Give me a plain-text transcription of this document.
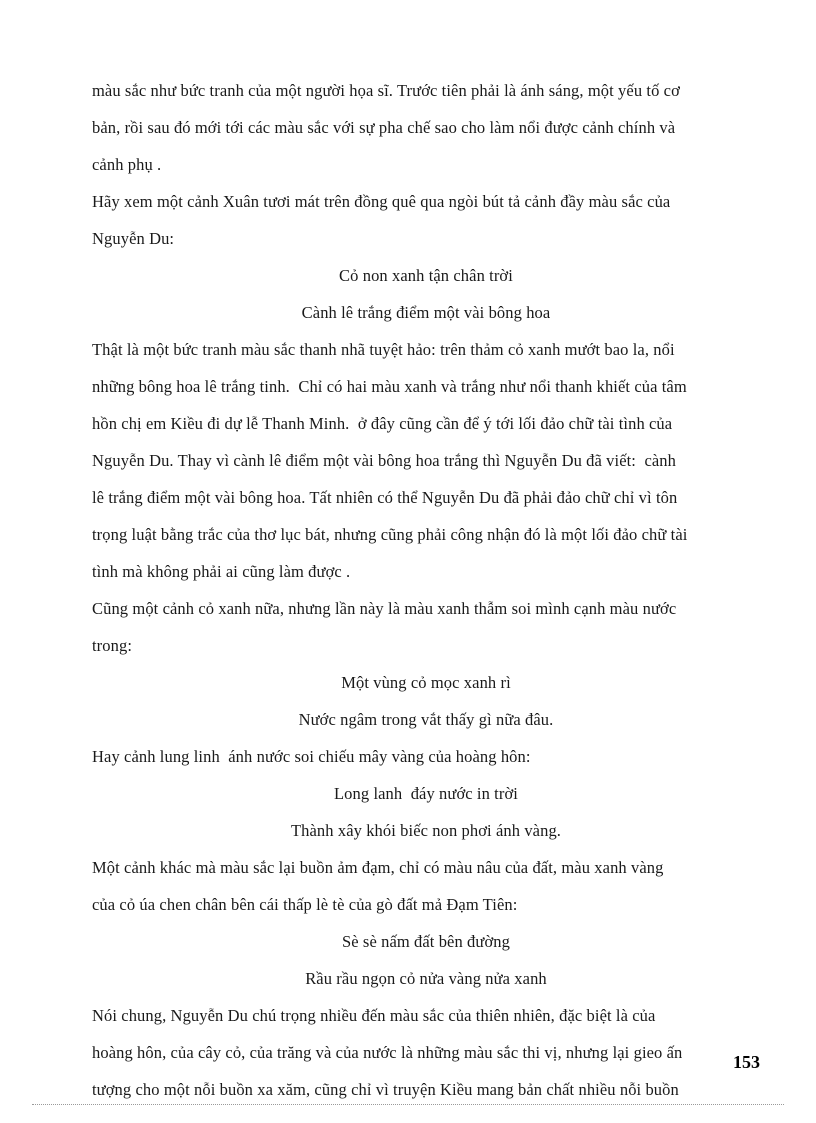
màu sắc như bức tranh của một người họa sĩ. Trước tiên phải là ánh sáng, một yếu tố cơ

bản, rồi sau đó mới tới các màu sắc với sự pha chế sao cho làm nổi được cảnh chính và

cảnh phụ .

Hãy xem một cảnh Xuân tươi mát trên đồng quê qua ngòi bút tả cảnh đầy màu sắc của

Nguyễn Du:

Cỏ non xanh tận chân trời

Cành lê trắng điểm một vài bông hoa

Thật là một bức tranh màu sắc thanh nhã tuyệt hảo: trên thảm cỏ xanh mướt bao la, nổi

những bông hoa lê trắng tinh.  Chỉ có hai màu xanh và trắng như nổi thanh khiết của tâm

hồn chị em Kiều đi dự lễ Thanh Minh.  ở đây cũng cần để ý tới lối đảo chữ tài tình của

Nguyễn Du. Thay vì cành lê điểm một vài bông hoa trắng thì Nguyễn Du đã viết:  cành

lê trắng điểm một vài bông hoa. Tất nhiên có thể Nguyễn Du đã phải đảo chữ chỉ vì tôn

trọng luật bằng trắc của thơ lục bát, nhưng cũng phải công nhận đó là một lối đảo chữ tài

tình mà không phải ai cũng làm được .

Cũng một cảnh cỏ xanh nữa, nhưng lần này là màu xanh thẫm soi mình cạnh màu nước

trong:

Một vùng cỏ mọc xanh rì

Nước ngâm trong vắt thấy gì nữa đâu.

Hay cảnh lung linh  ánh nước soi chiếu mây vàng của hoàng hôn:

Long lanh  đáy nước in trời

Thành xây khói biếc non phơi ánh vàng.

Một cảnh khác mà màu sắc lại buồn ảm đạm, chỉ có màu nâu của đất, màu xanh vàng

của cỏ úa chen chân bên cái thấp lè tè của gò đất mả Đạm Tiên:

Sè sè nấm đất bên đường

Rầu rầu ngọn cỏ nửa vàng nửa xanh

Nói chung, Nguyễn Du chú trọng nhiều đến màu sắc của thiên nhiên, đặc biệt là của

hoàng hôn, của cây cỏ, của trăng và của nước là những màu sắc thi vị, nhưng lại gieo ấn

tượng cho một nỗi buồn xa xăm, cũng chỉ vì truyện Kiều mang bản chất nhiều nỗi buồn

153
